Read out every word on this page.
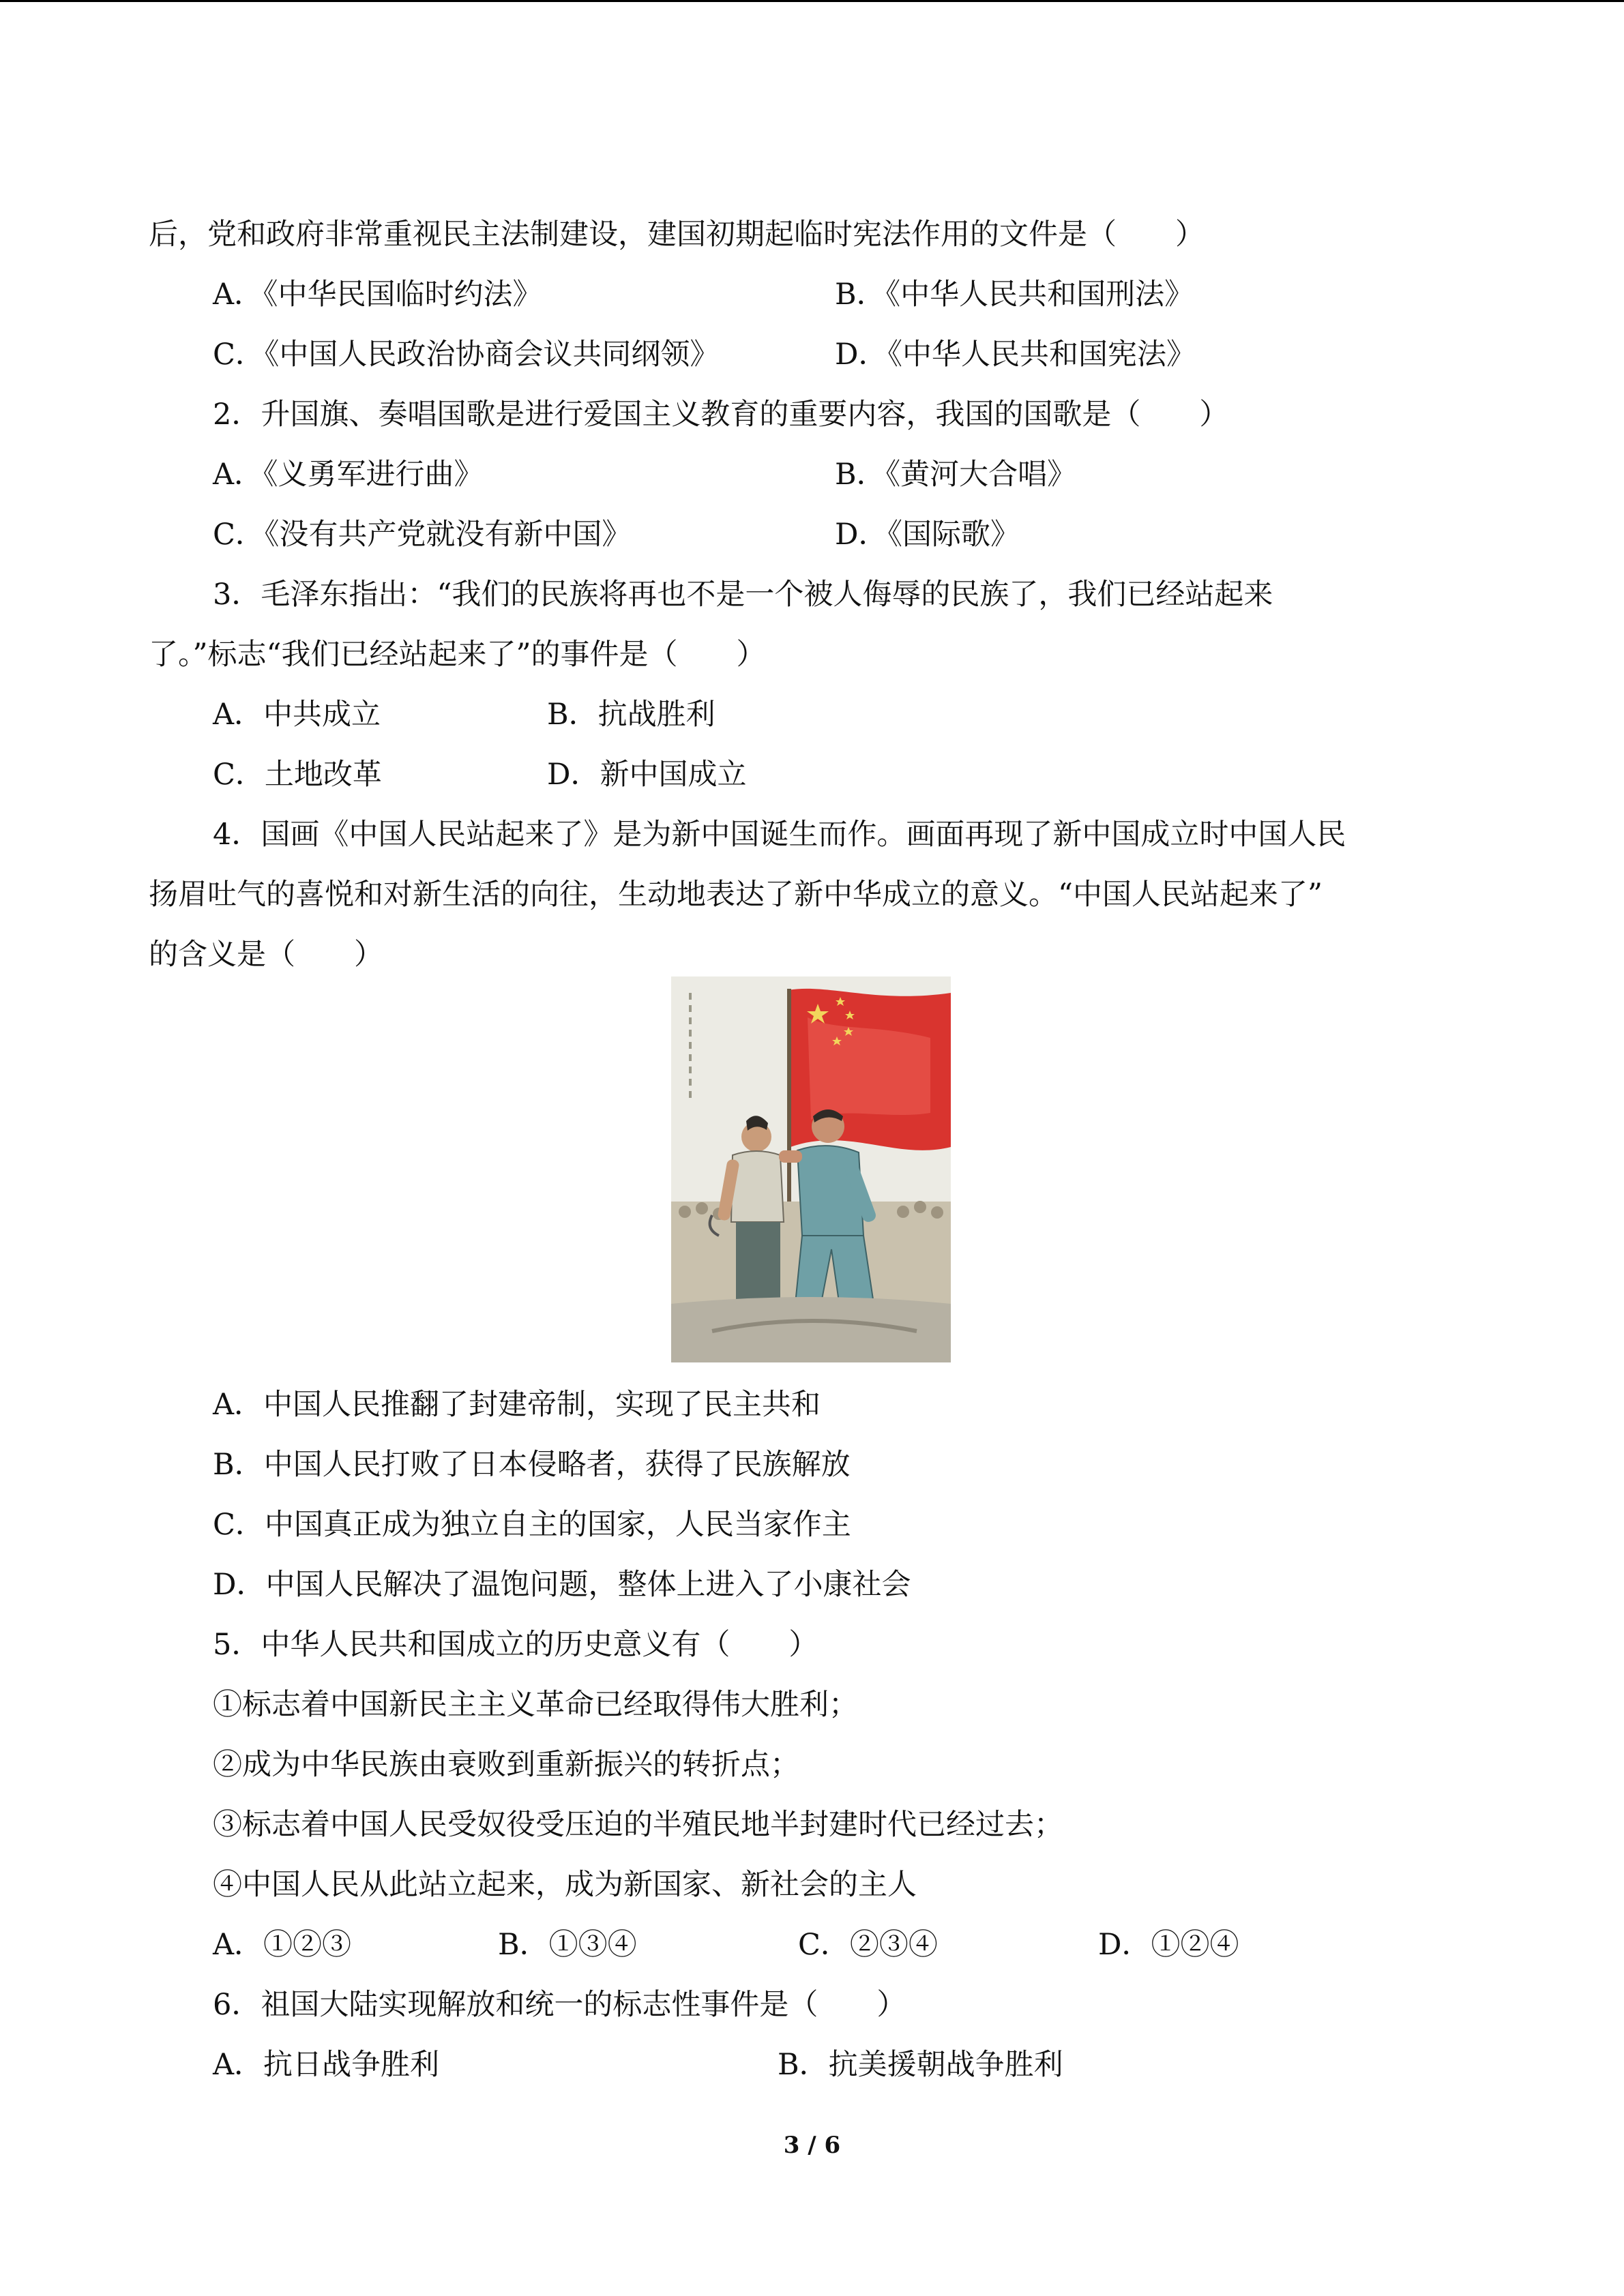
后，党和政府非常重视民主法制建设，建国初期起临时宪法作用的文件是（　　）
A．《中华民国临时约法》	B．《中华人民共和国刑法》
C．《中国人民政治协商会议共同纲领》	D．《中华人民共和国宪法》
2．升国旗、奏唱国歌是进行爱国主义教育的重要内容，我国的国歌是（　　）
A．《义勇军进行曲》	B．《黄河大合唱》
C．《没有共产党就没有新中国》	D．《国际歌》
3．毛泽东指出：“我们的民族将再也不是一个被人侮辱的民族了，我们已经站起来
了。”标志“我们已经站起来了”的事件是（　　）
A．中共成立	B．抗战胜利
C．土地改革	D．新中国成立
4．国画《中国人民站起来了》是为新中国诞生而作。画面再现了新中国成立时中国人民
扬眉吐气的喜悦和对新生活的向往，生动地表达了新中华成立的意义。“中国人民站起来了”
的含义是（　　）
A．中国人民推翻了封建帝制，实现了民主共和
B．中国人民打败了日本侵略者，获得了民族解放
C．中国真正成为独立自主的国家，人民当家作主
D．中国人民解决了温饱问题，整体上进入了小康社会
5．中华人民共和国成立的历史意义有（　　）
①标志着中国新民主主义革命已经取得伟大胜利；
②成为中华民族由衰败到重新振兴的转折点；
③标志着中国人民受奴役受压迫的半殖民地半封建时代已经过去；
④中国人民从此站立起来，成为新国家、新社会的主人
A．①②③	B．①③④	C．②③④	D．①②④
6．祖国大陆实现解放和统一的标志性事件是（　　）
A．抗日战争胜利	B．抗美援朝战争胜利
3 / 6
